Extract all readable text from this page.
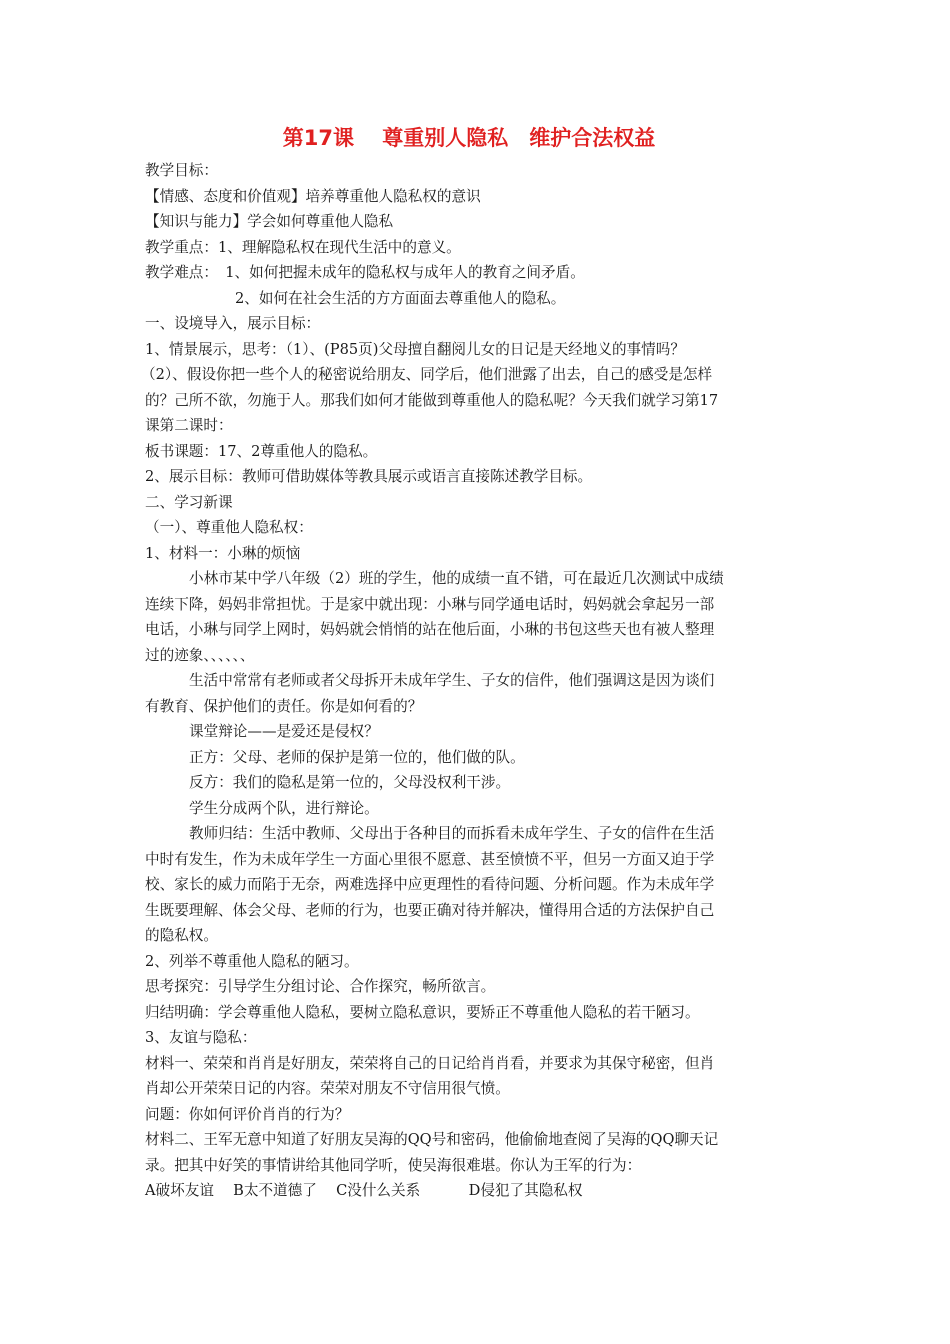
第17课　 尊重别人隐私　维护合法权益
教学目标：
【情感、态度和价值观】培养尊重他人隐私权的意识
【知识与能力】学会如何尊重他人隐私
教学重点：1、理解隐私权在现代生活中的意义。
教学难点：　1、如何把握未成年的隐私权与成年人的教育之间矛盾。
2、如何在社会生活的方方面面去尊重他人的隐私。
一、设境导入，展示目标：
1、情景展示，思考：（1）、(P85页)父母擅自翻阅儿女的日记是天经地义的事情吗？
（2）、假设你把一些个人的秘密说给朋友、同学后，他们泄露了出去，自己的感受是怎样
的？己所不欲，勿施于人。那我们如何才能做到尊重他人的隐私呢？今天我们就学习第17
课第二课时：
板书课题：17、2尊重他人的隐私。
2、展示目标：教师可借助媒体等教具展示或语言直接陈述教学目标。
二、学习新课
（一）、尊重他人隐私权：
1、材料一：小琳的烦恼
小林市某中学八年级（2）班的学生，他的成绩一直不错，可在最近几次测试中成绩
连续下降，妈妈非常担忧。于是家中就出现：小琳与同学通电话时，妈妈就会拿起另一部
电话，小琳与同学上网时，妈妈就会悄悄的站在他后面，小琳的书包这些天也有被人整理
过的迹象、、、、、、
生活中常常有老师或者父母拆开未成年学生、子女的信件，他们强调这是因为谈们
有教育、保护他们的责任。你是如何看的？
课堂辩论——是爱还是侵权？
正方：父母、老师的保护是第一位的，他们做的队。
反方：我们的隐私是第一位的，父母没权利干涉。
学生分成两个队，进行辩论。
教师归结：生活中教师、父母出于各种目的而拆看未成年学生、子女的信件在生活
中时有发生，作为未成年学生一方面心里很不愿意、甚至愤愤不平，但另一方面又迫于学
校、家长的威力而陷于无奈，两难选择中应更理性的看待问题、分析问题。作为未成年学
生既要理解、体会父母、老师的行为，也要正确对待并解决，懂得用合适的方法保护自己
的隐私权。
2、列举不尊重他人隐私的陋习。
思考探究：引导学生分组讨论、合作探究，畅所欲言。
归结明确：学会尊重他人隐私，要树立隐私意识，要矫正不尊重他人隐私的若干陋习。
3、友谊与隐私：
材料一、荣荣和肖肖是好朋友，荣荣将自己的日记给肖肖看，并要求为其保守秘密，但肖
肖却公开荣荣日记的内容。荣荣对朋友不守信用很气愤。
问题：你如何评价肖肖的行为？
材料二、王军无意中知道了好朋友吴海的QQ号和密码，他偷偷地查阅了吴海的QQ聊天记
录。把其中好笑的事情讲给其他同学听，使吴海很难堪。你认为王军的行为：
A破坏友谊　 B太不道德了　 C没什么关系　　　 D侵犯了其隐私权
